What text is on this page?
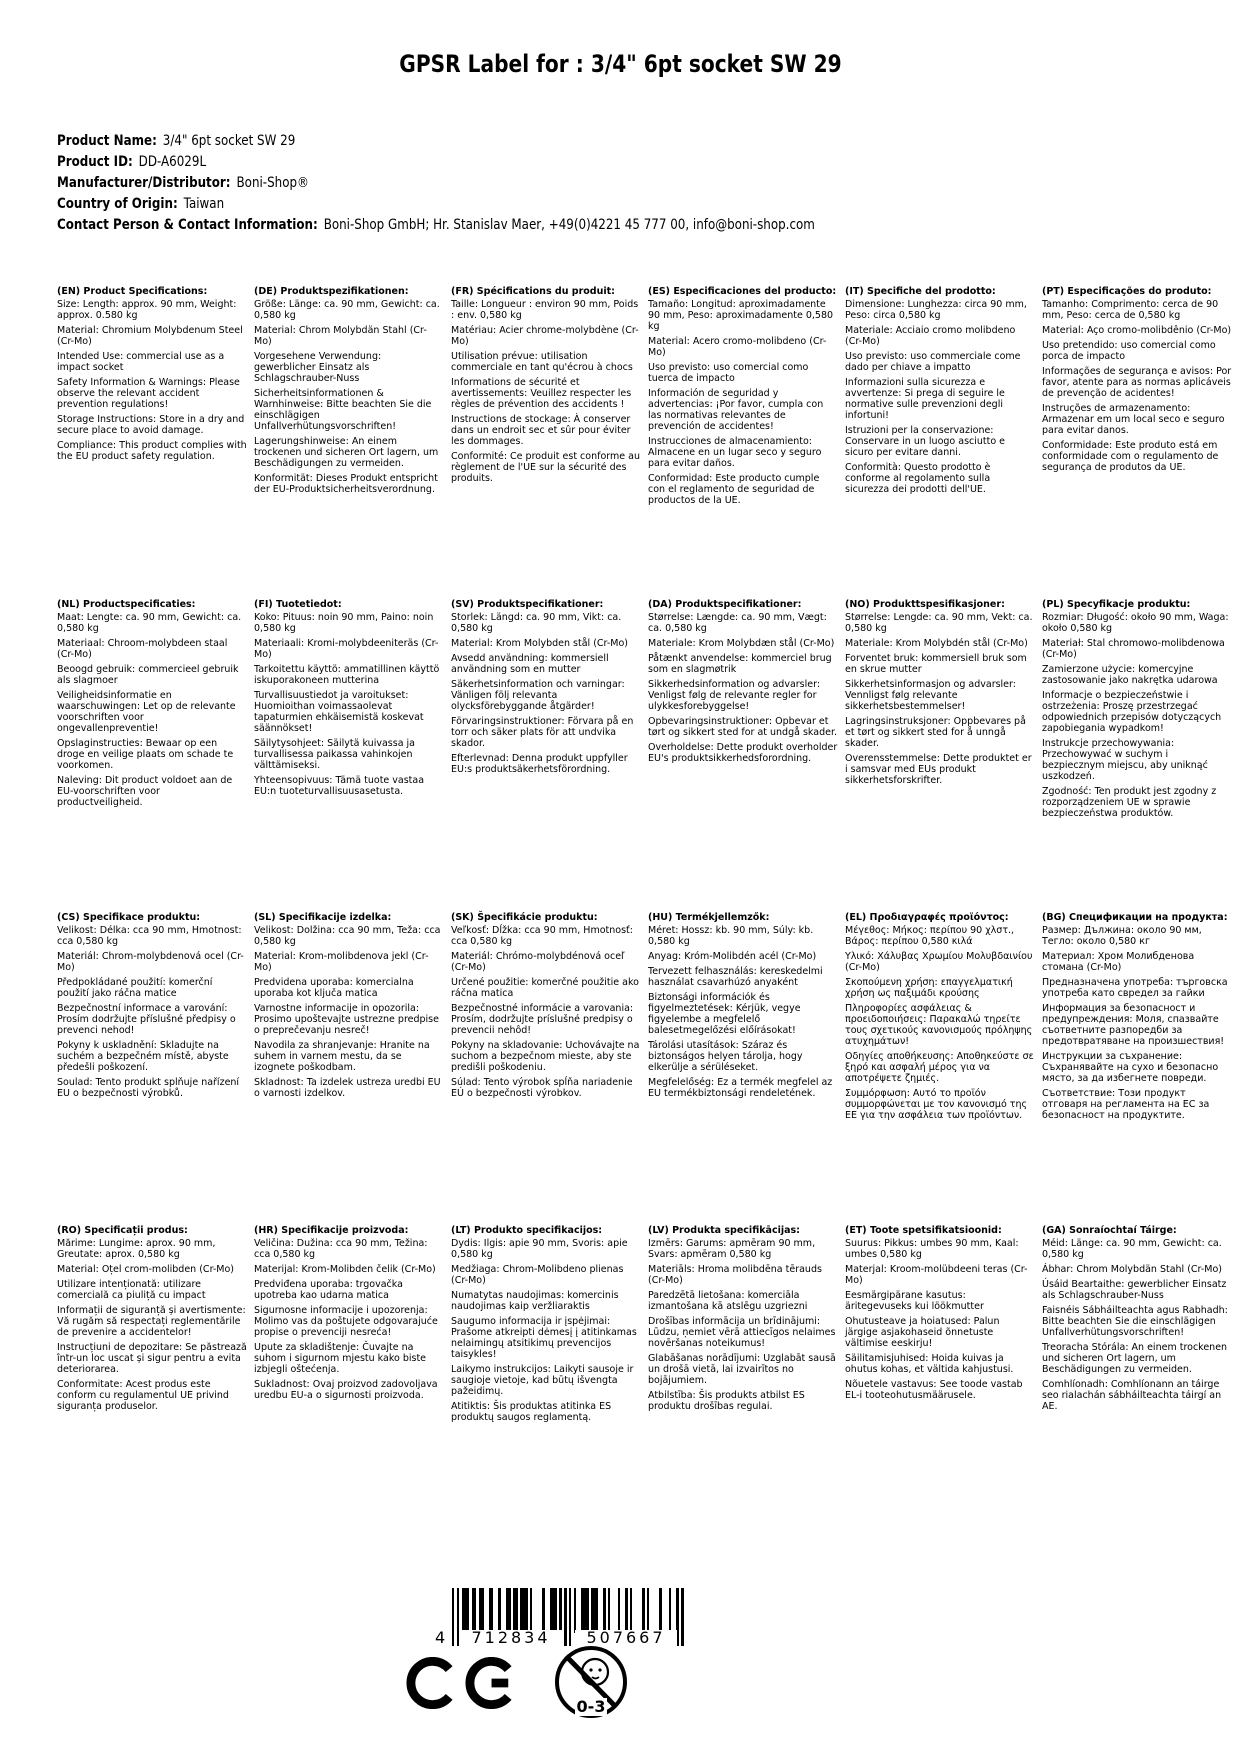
GPSR Label for : 3/4" 6pt socket SW 29
Product Name: 3/4" 6pt socket SW 29
Product ID: DD-A6029L
Manufacturer/Distributor: Boni-Shop®
Country of Origin: Taiwan
Contact Person & Contact Information: Boni-Shop GmbH; Hr. Stanislav Maer, +49(0)4221 45 777 00, info@boni-shop.com
(EN) Product Specifications:

Size: Length: approx. 90 mm, Weight: approx. 0.580 kg

Material: Chromium Molybdenum Steel (Cr-Mo)

Intended Use: commercial use as a impact socket

Safety Information & Warnings: Please observe the relevant accident prevention regulations!

Storage Instructions: Store in a dry and secure place to avoid damage.

Compliance: This product complies with the EU product safety regulation.

(DE) Produktspezifikationen:

Größe: Länge: ca. 90 mm, Gewicht: ca. 0,580 kg

Material: Chrom Molybdän Stahl (Cr-Mo)

Vorgesehene Verwendung: gewerblicher Einsatz als Schlagschrauber-Nuss

Sicherheitsinformationen & Warnhinweise: Bitte beachten Sie die einschlägigen Unfallverhütungsvorschriften!

Lagerungshinweise: An einem trockenen und sicheren Ort lagern, um Beschädigungen zu vermeiden.

Konformität: Dieses Produkt entspricht der EU-Produktsicherheitsverordnung.

(FR) Spécifications du produit:

Taille: Longueur : environ 90 mm, Poids : env. 0,580 kg

Matériau: Acier chrome-molybdène (Cr-Mo)

Utilisation prévue: utilisation commerciale en tant qu'écrou à chocs

Informations de sécurité et avertissements: Veuillez respecter les règles de prévention des accidents !

Instructions de stockage: À conserver dans un endroit sec et sûr pour éviter les dommages.

Conformité: Ce produit est conforme au règlement de l'UE sur la sécurité des produits.

(ES) Especificaciones del producto:

Tamaño: Longitud: aproximadamente 90 mm, Peso: aproximadamente 0,580 kg

Material: Acero cromo-molibdeno (Cr-Mo)

Uso previsto: uso comercial como tuerca de impacto

Información de seguridad y advertencias: ¡Por favor, cumpla con las normativas relevantes de prevención de accidentes!

Instrucciones de almacenamiento: Almacene en un lugar seco y seguro para evitar daños.

Conformidad: Este producto cumple con el reglamento de seguridad de productos de la UE.

(IT) Specifiche del prodotto:

Dimensione: Lunghezza: circa 90 mm, Peso: circa 0,580 kg

Materiale: Acciaio cromo molibdeno (Cr-Mo)

Uso previsto: uso commerciale come dado per chiave a impatto

Informazioni sulla sicurezza e avvertenze: Si prega di seguire le normative sulle prevenzioni degli infortuni!

Istruzioni per la conservazione: Conservare in un luogo asciutto e sicuro per evitare danni.

Conformità: Questo prodotto è conforme al regolamento sulla sicurezza dei prodotti dell'UE.

(PT) Especificações do produto:

Tamanho: Comprimento: cerca de 90 mm, Peso: cerca de 0,580 kg

Material: Aço cromo-molibdênio (Cr-Mo)

Uso pretendido: uso comercial como porca de impacto

Informações de segurança e avisos: Por favor, atente para as normas aplicáveis de prevenção de acidentes!

Instruções de armazenamento: Armazenar em um local seco e seguro para evitar danos.

Conformidade: Este produto está em conformidade com o regulamento de segurança de produtos da UE.

(NL) Productspecificaties:

Maat: Lengte: ca. 90 mm, Gewicht: ca. 0,580 kg

Materiaal: Chroom-molybdeen staal (Cr-Mo)

Beoogd gebruik: commercieel gebruik als slagmoer

Veiligheidsinformatie en waarschuwingen: Let op de relevante voorschriften voor ongevallenpreventie!

Opslaginstructies: Bewaar op een droge en veilige plaats om schade te voorkomen.

Naleving: Dit product voldoet aan de EU-voorschriften voor productveiligheid.

(FI) Tuotetiedot:

Koko: Pituus: noin 90 mm, Paino: noin 0,580 kg

Materiaali: Kromi-molybdeeniteräs (Cr-Mo)

Tarkoitettu käyttö: ammatillinen käyttö iskuporakoneen mutterina

Turvallisuustiedot ja varoitukset: Huomioithan voimassaolevat tapaturmien ehkäisemistä koskevat säännökset!

Säilytysohjeet: Säilytä kuivassa ja turvallisessa paikassa vahinkojen välttämiseksi.

Yhteensopivuus: Tämä tuote vastaa EU:n tuoteturvallisuusasetusta.

(SV) Produktspecifikationer:

Storlek: Längd: ca. 90 mm, Vikt: ca. 0,580 kg

Material: Krom Molybden stål (Cr-Mo)

Avsedd användning: kommersiell användning som en mutter

Säkerhetsinformation och varningar: Vänligen följ relevanta olycksförebyggande åtgärder!

Förvaringsinstruktioner: Förvara på en torr och säker plats för att undvika skador.

Efterlevnad: Denna produkt uppfyller EU:s produktsäkerhetsförordning.

(DA) Produktspecifikationer:

Størrelse: Længde: ca. 90 mm, Vægt: ca. 0,580 kg

Materiale: Krom Molybdæn stål (Cr-Mo)

Påtænkt anvendelse: kommerciel brug som en slagmøtrik

Sikkerhedsinformation og advarsler: Venligst følg de relevante regler for ulykkesforebyggelse!

Opbevaringsinstruktioner: Opbevar et tørt og sikkert sted for at undgå skader.

Overholdelse: Dette produkt overholder EU's produktsikkerhedsforordning.

(NO) Produkttspesifikasjoner:

Størrelse: Lengde: ca. 90 mm, Vekt: ca. 0,580 kg

Materiale: Krom Molybdén stål (Cr-Mo)

Forventet bruk: kommersiell bruk som en skrue mutter

Sikkerhetsinformasjon og advarsler: Vennligst følg relevante sikkerhetsbestemmelser!

Lagringsinstruksjoner: Oppbevares på et tørt og sikkert sted for å unngå skader.

Overensstemmelse: Dette produktet er i samsvar med EUs produkt sikkerhetsforskrifter.

(PL) Specyfikacje produktu:

Rozmiar: Długość: około 90 mm, Waga: około 0,580 kg

Materiał: Stal chromowo-molibdenowa (Cr-Mo)

Zamierzone użycie: komercyjne zastosowanie jako nakrętka udarowa

Informacje o bezpieczeństwie i ostrzeżenia: Proszę przestrzegać odpowiednich przepisów dotyczących zapobiegania wypadkom!

Instrukcje przechowywania: Przechowywać w suchym i bezpiecznym miejscu, aby uniknąć uszkodzeń.

Zgodność: Ten produkt jest zgodny z rozporządzeniem UE w sprawie bezpieczeństwa produktów.

(CS) Specifikace produktu:

Velikost: Délka: cca 90 mm, Hmotnost: cca 0,580 kg

Materiál: Chrom-molybdenová ocel (Cr-Mo)

Předpokládané použití: komerční použití jako ráčna matice

Bezpečnostní informace a varování: Prosím dodržujte příslušné předpisy o prevenci nehod!

Pokyny k uskladnění: Skladujte na suchém a bezpečném místě, abyste předešli poškození.

Soulad: Tento produkt splňuje nařízení EU o bezpečnosti výrobků.

(SL) Specifikacije izdelka:

Velikost: Dolžina: cca 90 mm, Teža: cca 0,580 kg

Material: Krom-molibdenova jekl (Cr-Mo)

Predvidena uporaba: komercialna uporaba kot ključa matica

Varnostne informacije in opozorila: Prosimo upoštevajte ustrezne predpise o preprečevanju nesreč!

Navodila za shranjevanje: Hranite na suhem in varnem mestu, da se izognete poškodbam.

Skladnost: Ta izdelek ustreza uredbi EU o varnosti izdelkov.

(SK) Špecifikácie produktu:

Veľkosť: Dĺžka: cca 90 mm, Hmotnosť: cca 0,580 kg

Materiál: Chrómo-molybdénová oceľ (Cr-Mo)

Určené použitie: komerčné použitie ako ráčna matica

Bezpečnostné informácie a varovania: Prosím, dodržujte príslušné predpisy o prevencii nehôd!

Pokyny na skladovanie: Uchovávajte na suchom a bezpečnom mieste, aby ste predišli poškodeniu.

Súlad: Tento výrobok spĺňa nariadenie EÚ o bezpečnosti výrobkov.

(HU) Termékjellemzők:

Méret: Hossz: kb. 90 mm, Súly: kb. 0,580 kg

Anyag: Króm-Molibdén acél (Cr-Mo)

Tervezett felhasználás: kereskedelmi használat csavarhúzó anyaként

Biztonsági információk és figyelmeztetések: Kérjük, vegye figyelembe a megfelelő balesetmegelőzési előírásokat!

Tárolási utasítások: Száraz és biztonságos helyen tárolja, hogy elkerülje a sérüléseket.

Megfelelőség: Ez a termék megfelel az EU termékbiztonsági rendeletének.

(EL) Προδιαγραφές προϊόντος:

Μέγεθος: Μήκος: περίπου 90 χλστ., Βάρος: περίπου 0,580 κιλά

Υλικό: Χάλυβας Χρωμίου Μολυβδαινίου (Cr-Mo)

Σκοπούμενη χρήση: επαγγελματική χρήση ως παξιμάδι κρούσης

Πληροφορίες ασφάλειας & προειδοποιήσεις: Παρακαλώ τηρείτε τους σχετικούς κανονισμούς πρόληψης ατυχημάτων!

Οδηγίες αποθήκευσης: Αποθηκεύστε σε ξηρό και ασφαλή μέρος για να αποτρέψετε ζημιές.

Συμμόρφωση: Αυτό το προϊόν συμμορφώνεται με τον κανονισμό της ΕΕ για την ασφάλεια των προϊόντων.

(BG) Спецификации на продукта:

Размер: Дължина: около 90 мм, Тегло: около 0,580 кг

Материал: Хром Молибденова стомана (Cr-Mo)

Предназначена употреба: търговска употреба като свредел за гайки

Информация за безопасност и предупреждения: Моля, спазвайте съответните разпоредби за предотвратяване на произшествия!

Инструкции за съхранение: Съхранявайте на сухо и безопасно място, за да избегнете повреди.

Съответствие: Този продукт отговаря на регламента на ЕС за безопасност на продуктите.

(RO) Specificații produs:

Mărime: Lungime: aprox. 90 mm, Greutate: aprox. 0,580 kg

Material: Oțel crom-molibden (Cr-Mo)

Utilizare intenționată: utilizare comercială ca piuliță cu impact

Informații de siguranță și avertismente: Vă rugăm să respectați reglementările de prevenire a accidentelor!

Instrucțiuni de depozitare: Se păstrează într-un loc uscat și sigur pentru a evita deteriorarea.

Conformitate: Acest produs este conform cu regulamentul UE privind siguranța produselor.

(HR) Specifikacije proizvoda:

Veličina: Dužina: cca 90 mm, Težina: cca 0,580 kg

Materijal: Krom-Molibden čelik (Cr-Mo)

Predviđena uporaba: trgovačka upotreba kao udarna matica

Sigurnosne informacije i upozorenja: Molimo vas da poštujete odgovarajuće propise o prevenciji nesreća!

Upute za skladištenje: Čuvajte na suhom i sigurnom mjestu kako biste izbjegli oštećenja.

Sukladnost: Ovaj proizvod zadovoljava uredbu EU-a o sigurnosti proizvoda.

(LT) Produkto specifikacijos:

Dydis: Ilgis: apie 90 mm, Svoris: apie 0,580 kg

Medžiaga: Chrom-Molibdeno plienas (Cr-Mo)

Numatytas naudojimas: komercinis naudojimas kaip veržliaraktis

Saugumo informacija ir įspėjimai: Prašome atkreipti dėmesį į atitinkamas nelaimingų atsitikimų prevencijos taisykles!

Laikymo instrukcijos: Laikyti sausoje ir saugioje vietoje, kad būtų išvengta pažeidimų.

Atitiktis: Šis produktas atitinka ES produktų saugos reglamentą.

(LV) Produkta specifikācijas:

Izmērs: Garums: apmēram 90 mm, Svars: apmēram 0,580 kg

Materiāls: Hroma molibdēna tērauds (Cr-Mo)

Paredzētā lietošana: komerciāla izmantošana kā atslēgu uzgriezni

Drošības informācija un brīdinājumi: Lūdzu, ņemiet vērā attiecīgos nelaimes novēršanas noteikumus!

Glabāšanas norādījumi: Uzglabāt sausā un drošā vietā, lai izvairītos no bojājumiem.

Atbilstība: Šis produkts atbilst ES produktu drošības regulai.

(ET) Toote spetsifikatsioonid:

Suurus: Pikkus: umbes 90 mm, Kaal: umbes 0,580 kg

Materjal: Kroom-molübdeeni teras (Cr-Mo)

Eesmärgipärane kasutus: äritegevuseks kui löökmutter

Ohutusteave ja hoiatused: Palun järgige asjakohaseid õnnetuste vältimise eeskirju!

Säilitamisjuhised: Hoida kuivas ja ohutus kohas, et vältida kahjustusi.

Nõuetele vastavus: See toode vastab EL-i tooteohutusmäärusele.

(GA) Sonraíochtaí Táirge:

Méid: Länge: ca. 90 mm, Gewicht: ca. 0,580 kg

Ábhar: Chrom Molybdän Stahl (Cr-Mo)

Úsáid Beartaithe: gewerblicher Einsatz als Schlagschrauber-Nuss

Faisnéis Sábháilteachta agus Rabhadh: Bitte beachten Sie die einschlägigen Unfallverhütungsvorschriften!

Treoracha Stórála: An einem trockenen und sicheren Ort lagern, um Beschädigungen zu vermeiden.

Comhlíonadh: Comhlíonann an táirge seo rialachán sábháilteachta táirgí an AE.

4	712834	507667
0-3
